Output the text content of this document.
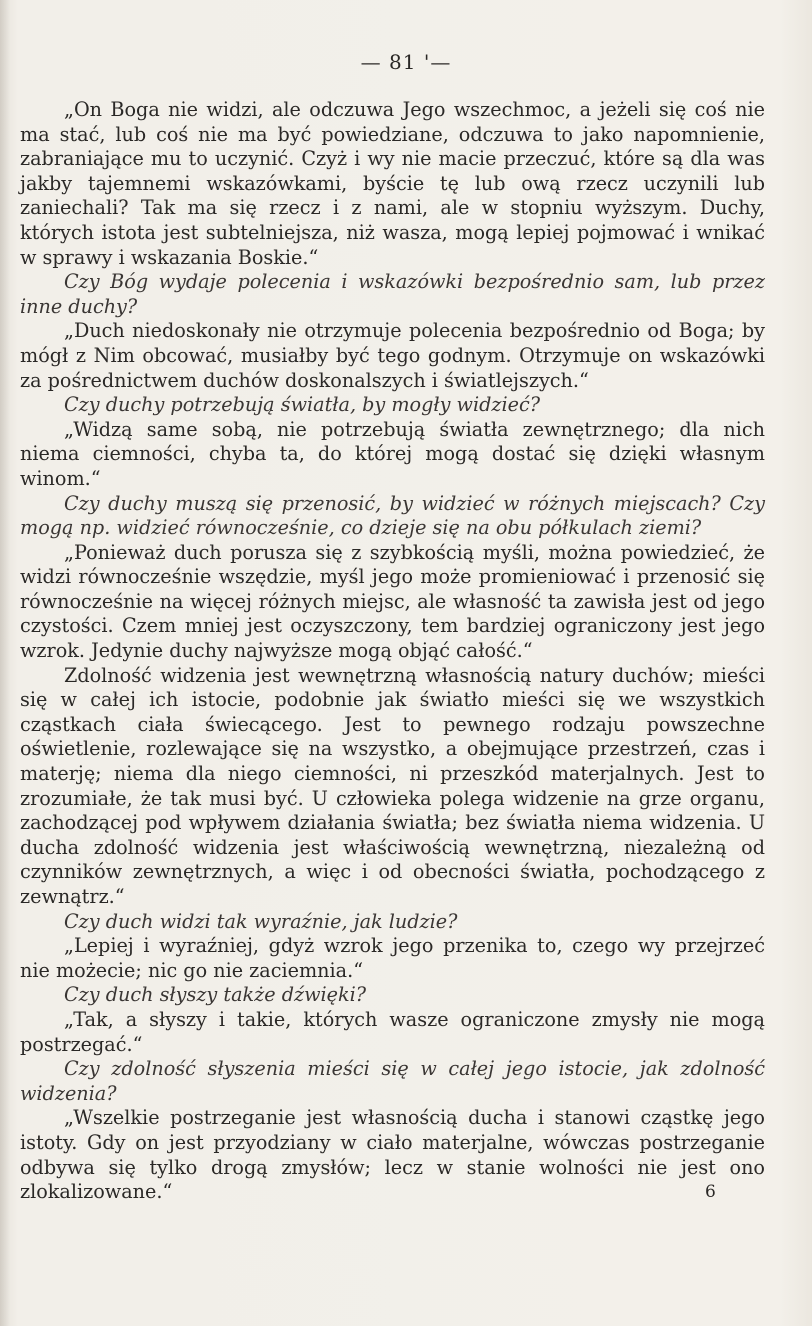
— 81 '—

„On Boga nie widzi, ale odczuwa Jego wszechmoc, a jeżeli się coś nie ma stać, lub coś nie ma być powiedziane, odczuwa to jako napomnienie, zabraniające mu to uczynić. Czyż i wy nie macie przeczuć, które są dla was jakby tajemnemi wskazówkami, byście tę lub ową rzecz uczynili lub zaniechali? Tak ma się rzecz i z nami, ale w stopniu wyższym. Duchy, których istota jest subtelniejsza, niż wasza, mogą lepiej pojmować i wnikać w sprawy i wskazania Boskie.“

Czy Bóg wydaje polecenia i wskazówki bezpośrednio sam, lub przez inne duchy?

„Duch niedoskonały nie otrzymuje polecenia bezpośrednio od Boga; by mógł z Nim obcować, musiałby być tego godnym. Otrzymuje on wskazówki za pośrednictwem duchów doskonalszych i światlejszych.“

Czy duchy potrzebują światła, by mogły widzieć?

„Widzą same sobą, nie potrzebują światła zewnętrznego; dla nich niema ciemności, chyba ta, do której mogą dostać się dzięki własnym winom.“

Czy duchy muszą się przenosić, by widzieć w różnych miejscach? Czy mogą np. widzieć równocześnie, co dzieje się na obu półkulach ziemi?

„Ponieważ duch porusza się z szybkością myśli, można powiedzieć, że widzi równocześnie wszędzie, myśl jego może promieniować i przenosić się równocześnie na więcej różnych miejsc, ale własność ta zawisła jest od jego czystości. Czem mniej jest oczyszczony, tem bardziej ograniczony jest jego wzrok. Jedynie duchy najwyższe mogą objąć całość.“

Zdolność widzenia jest wewnętrzną własnością natury duchów; mieści się w całej ich istocie, podobnie jak światło mieści się we wszystkich cząstkach ciała świecącego. Jest to pewnego rodzaju powszechne oświetlenie, rozlewające się na wszystko, a obejmujące przestrzeń, czas i materję; niema dla niego ciemności, ni przeszkód materjalnych. Jest to zrozumiałe, że tak musi być. U człowieka polega widzenie na grze organu, zachodzącej pod wpływem działania światła; bez światła niema widzenia. U ducha zdolność widzenia jest właściwością wewnętrzną, niezależną od czynników zewnętrznych, a więc i od obecności światła, pochodzącego z zewnątrz.“

Czy duch widzi tak wyraźnie, jak ludzie?

„Lepiej i wyraźniej, gdyż wzrok jego przenika to, czego wy przejrzeć nie możecie; nic go nie zaciemnia.“

Czy duch słyszy także dźwięki?

„Tak, a słyszy i takie, których wasze ograniczone zmysły nie mogą postrzegać.“

Czy zdolność słyszenia mieści się w całej jego istocie, jak zdolność widzenia?

„Wszelkie postrzeganie jest własnością ducha i stanowi cząstkę jego istoty. Gdy on jest przyodziany w ciało materjalne, wówczas postrzeganie odbywa się tylko drogą zmysłów; lecz w stanie wolności nie jest ono zlokalizowane.“	6
